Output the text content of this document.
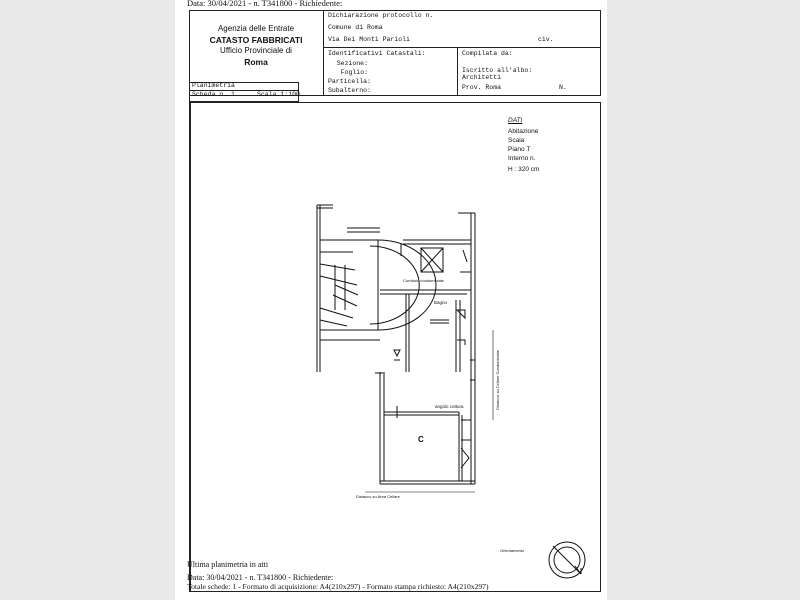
Data: 30/04/2021 - n. T341800 - Richiedente:
Agenzia delle Entrate
CATASTO FABBRICATI
Ufficio Provinciale di
Roma
Dichiarazione protocollo n.
Comune di Roma
Via Dei Monti Parioli	civ.
Identificativi Catastali:
Sezione:
Foglio:
Particella:
Subalterno:
Compilata da:
Iscritto all'albo:
Architetti
Prov. Roma	N.
Planimetria
Scheda n. 1	Scala 1:100
DATI
Abitazione
Scala
Piano T
Interno n.
H : 320 cm
Corridoio condominiale
Bagno
angolo cottura
C
Distacco su Area Cellare
Distacco su Cellare Condominiale
Orientamento
Ultima planimetria in atti
Data: 30/04/2021 - n. T341800 - Richiedente:
Totale schede: 1 - Formato di acquisizione: A4(210x297) - Formato stampa richiesto: A4(210x297)
